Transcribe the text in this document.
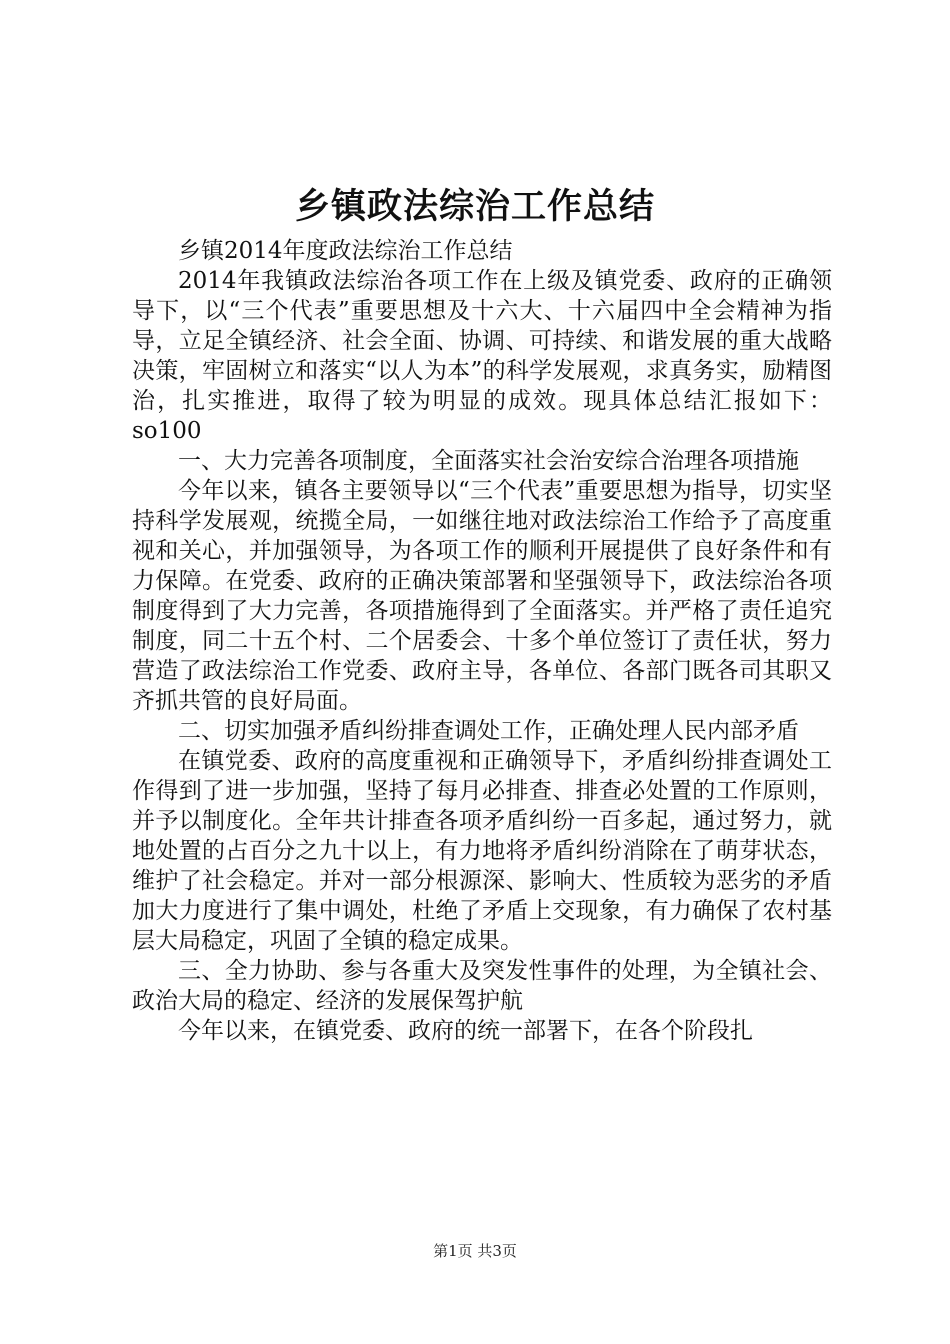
乡镇政法综治工作总结

乡镇2014年度政法综治工作总结

2014年我镇政法综治各项工作在上级及镇党委、政府的正确领导下，以“三个代表”重要思想及十六大、十六届四中全会精神为指导，立足全镇经济、社会全面、协调、可持续、和谐发展的重大战略决策，牢固树立和落实“以人为本”的科学发展观，求真务实，励精图治，扎实推进，取得了较为明显的成效。现具体总结汇报如下：so100

一、大力完善各项制度，全面落实社会治安综合治理各项措施

今年以来，镇各主要领导以“三个代表”重要思想为指导，切实坚持科学发展观，统揽全局，一如继往地对政法综治工作给予了高度重视和关心，并加强领导，为各项工作的顺利开展提供了良好条件和有力保障。在党委、政府的正确决策部署和坚强领导下，政法综治各项制度得到了大力完善，各项措施得到了全面落实。并严格了责任追究制度，同二十五个村、二个居委会、十多个单位签订了责任状，努力营造了政法综治工作党委、政府主导，各单位、各部门既各司其职又齐抓共管的良好局面。

二、切实加强矛盾纠纷排查调处工作，正确处理人民内部矛盾

在镇党委、政府的高度重视和正确领导下，矛盾纠纷排查调处工作得到了进一步加强，坚持了每月必排查、排查必处置的工作原则，并予以制度化。全年共计排查各项矛盾纠纷一百多起，通过努力，就地处置的占百分之九十以上，有力地将矛盾纠纷消除在了萌芽状态，维护了社会稳定。并对一部分根源深、影响大、性质较为恶劣的矛盾加大力度进行了集中调处，杜绝了矛盾上交现象，有力确保了农村基层大局稳定，巩固了全镇的稳定成果。

三、全力协助、参与各重大及突发性事件的处理，为全镇社会、政治大局的稳定、经济的发展保驾护航

今年以来，在镇党委、政府的统一部署下，在各个阶段扎

第1页 共3页
